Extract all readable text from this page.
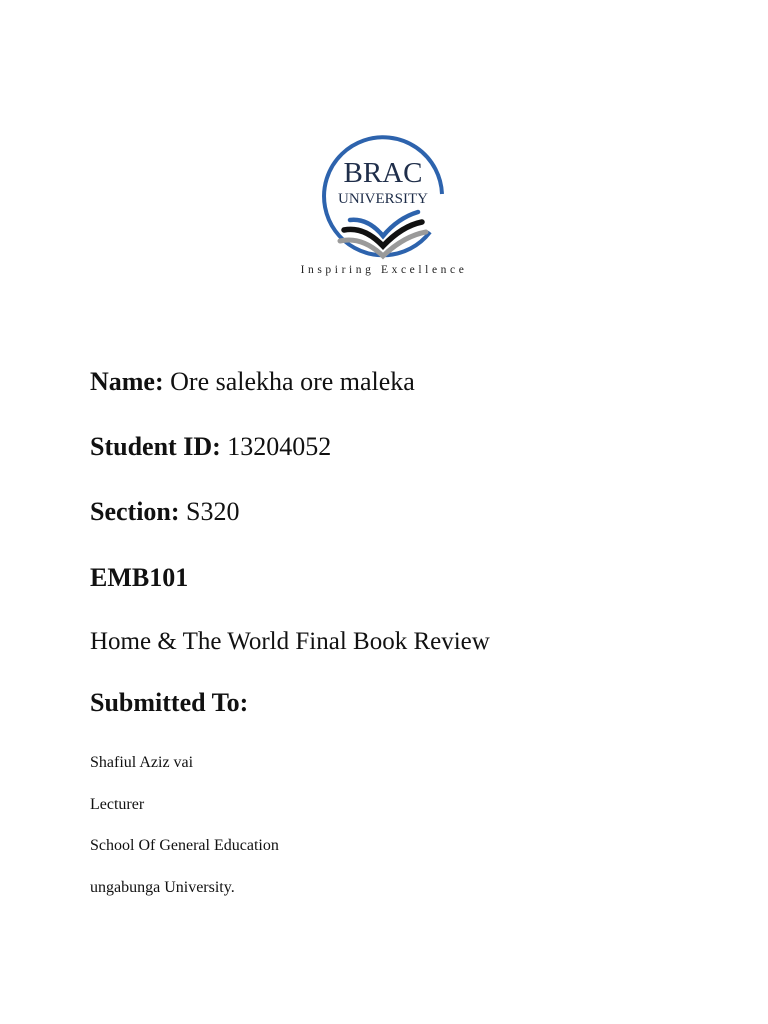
BRAC
UNIVERSITY
Inspiring Excellence
Name: Ore salekha ore maleka
Student ID: 13204052
Section: S320
EMB101
Home & The World Final Book Review
Submitted To:
Shafiul Aziz vai
Lecturer
School Of General Education
ungabunga University.
